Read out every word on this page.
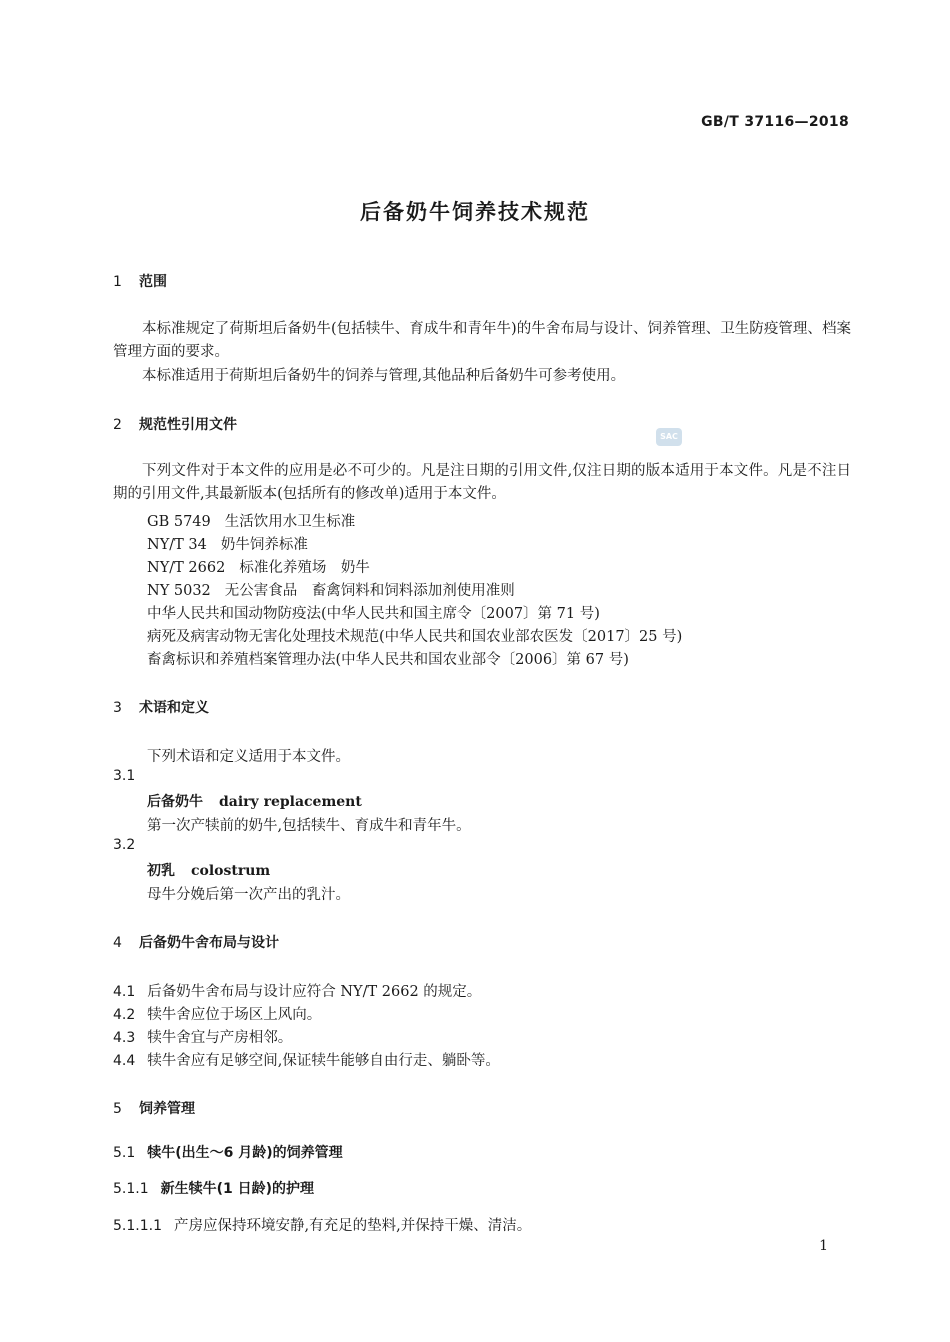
GB/T 37116—2018
后备奶牛饲养技术规范
1 范围
本标准规定了荷斯坦后备奶牛(包括犊牛、育成牛和青年牛)的牛舍布局与设计、饲养管理、卫生防疫管理、档案管理方面的要求。
本标准适用于荷斯坦后备奶牛的饲养与管理,其他品种后备奶牛可参考使用。
2 规范性引用文件
下列文件对于本文件的应用是必不可少的。凡是注日期的引用文件,仅注日期的版本适用于本文件。凡是不注日期的引用文件,其最新版本(包括所有的修改单)适用于本文件。
SAC
GB 5749 生活饮用水卫生标准
NY/T 34 奶牛饲养标准
NY/T 2662 标准化养殖场　奶牛
NY 5032 无公害食品　畜禽饲料和饲料添加剂使用准则
中华人民共和国动物防疫法(中华人民共和国主席令〔2007〕第 71 号)
病死及病害动物无害化处理技术规范(中华人民共和国农业部农医发〔2017〕25 号)
畜禽标识和养殖档案管理办法(中华人民共和国农业部令〔2006〕第 67 号)
3 术语和定义
下列术语和定义适用于本文件。
3.1
后备奶牛 dairy replacement
第一次产犊前的奶牛,包括犊牛、育成牛和青年牛。
3.2
初乳 colostrum
母牛分娩后第一次产出的乳汁。
4 后备奶牛舍布局与设计
4.1 后备奶牛舍布局与设计应符合 NY/T 2662 的规定。
4.2 犊牛舍应位于场区上风向。
4.3 犊牛舍宜与产房相邻。
4.4 犊牛舍应有足够空间,保证犊牛能够自由行走、躺卧等。
5 饲养管理
5.1 犊牛(出生～6 月龄)的饲养管理
5.1.1 新生犊牛(1 日龄)的护理
5.1.1.1 产房应保持环境安静,有充足的垫料,并保持干燥、清洁。
1
